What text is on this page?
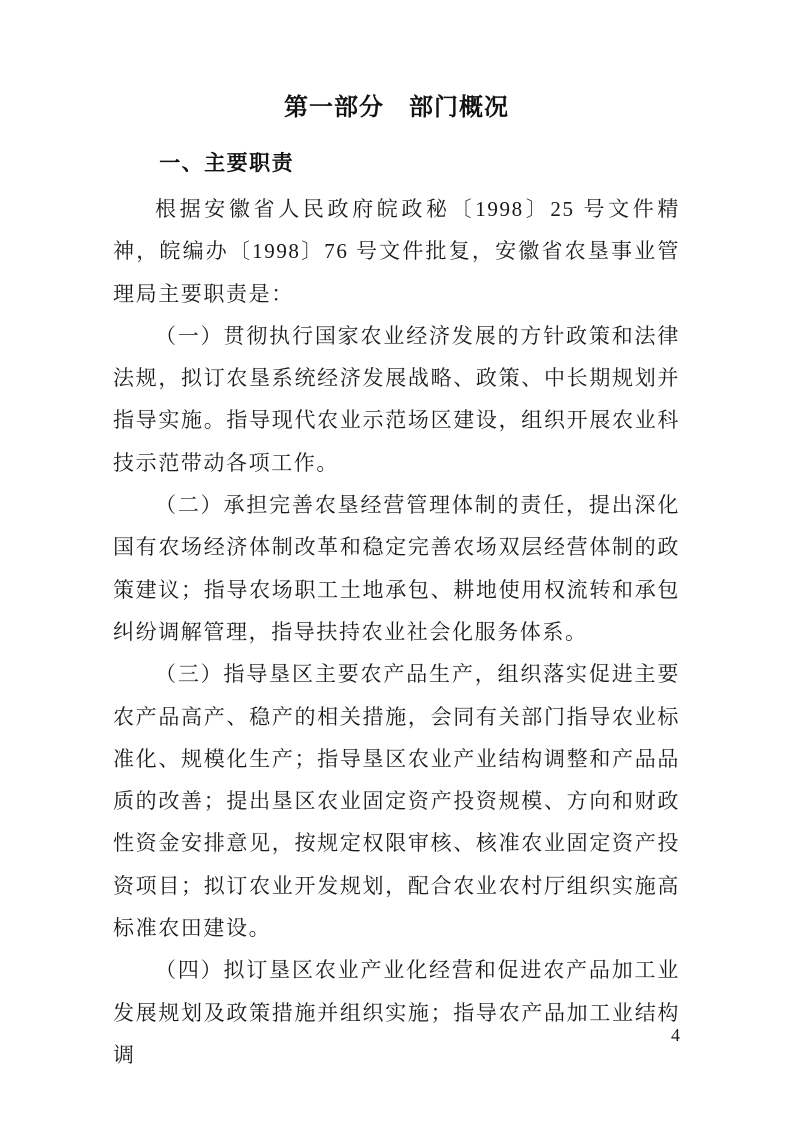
第一部分　部门概况
一、主要职责

根据安徽省人民政府皖政秘〔1998〕25 号文件精神，皖编办〔1998〕76 号文件批复，安徽省农垦事业管理局主要职责是：

（一）贯彻执行国家农业经济发展的方针政策和法律法规，拟订农垦系统经济发展战略、政策、中长期规划并指导实施。指导现代农业示范场区建设，组织开展农业科技示范带动各项工作。

（二）承担完善农垦经营管理体制的责任，提出深化国有农场经济体制改革和稳定完善农场双层经营体制的政策建议；指导农场职工土地承包、耕地使用权流转和承包纠纷调解管理，指导扶持农业社会化服务体系。

（三）指导垦区主要农产品生产，组织落实促进主要农产品高产、稳产的相关措施，会同有关部门指导农业标准化、规模化生产；指导垦区农业产业结构调整和产品品质的改善；提出垦区农业固定资产投资规模、方向和财政性资金安排意见，按规定权限审核、核准农业固定资产投资项目；拟订农业开发规划，配合农业农村厅组织实施高标准农田建设。

（四）拟订垦区农业产业化经营和促进农产品加工业发展规划及政策措施并组织实施；指导农产品加工业结构调

4
